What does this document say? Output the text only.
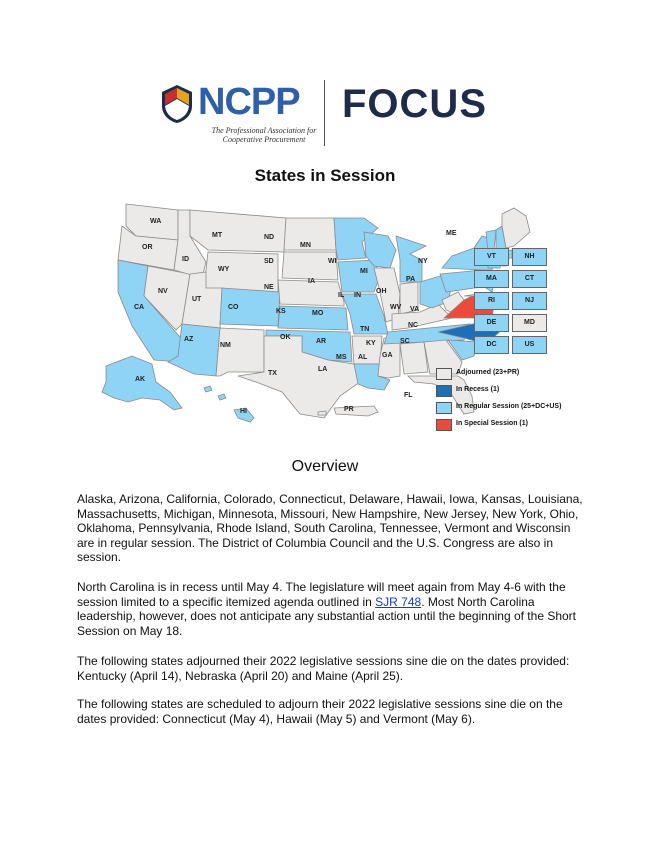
NCPP
The Professional Association for Cooperative Procurement
FOCUS
States in Session
WA
OR
CA
NV
ID
MT
WY
UT
AZ
CO
NM
ND
SD
NE
KS
OK
TX
MN
IA
MO
AR
LA
WI
IL
MS
MI
IN
KY
TN
AL
OH
GA
FL
WV VA
NC
SC
PA
NY
ME
AK
HI	PR
VT	NH
MA	CT
RI	NJ
DE	MD
DC	US
Adjourned (23+PR)
In Recess (1)
In Regular Session (25+DC+US)
In Special Session (1)
Overview

Alaska, Arizona, California, Colorado, Connecticut, Delaware, Hawaii, Iowa, Kansas, Louisiana, Massachusetts, Michigan, Minnesota, Missouri, New Hampshire, New Jersey, New York, Ohio, Oklahoma, Pennsylvania, Rhode Island, South Carolina, Tennessee, Vermont and Wisconsin are in regular session. The District of Columbia Council and the U.S. Congress are also in session.

North Carolina is in recess until May 4. The legislature will meet again from May 4-6 with the session limited to a specific itemized agenda outlined in SJR 748. Most North Carolina leadership, however, does not anticipate any substantial action until the beginning of the Short Session on May 18.

The following states adjourned their 2022 legislative sessions sine die on the dates provided: Kentucky (April 14), Nebraska (April 20) and Maine (April 25).

The following states are scheduled to adjourn their 2022 legislative sessions sine die on the dates provided: Connecticut (May 4), Hawaii (May 5) and Vermont (May 6).
